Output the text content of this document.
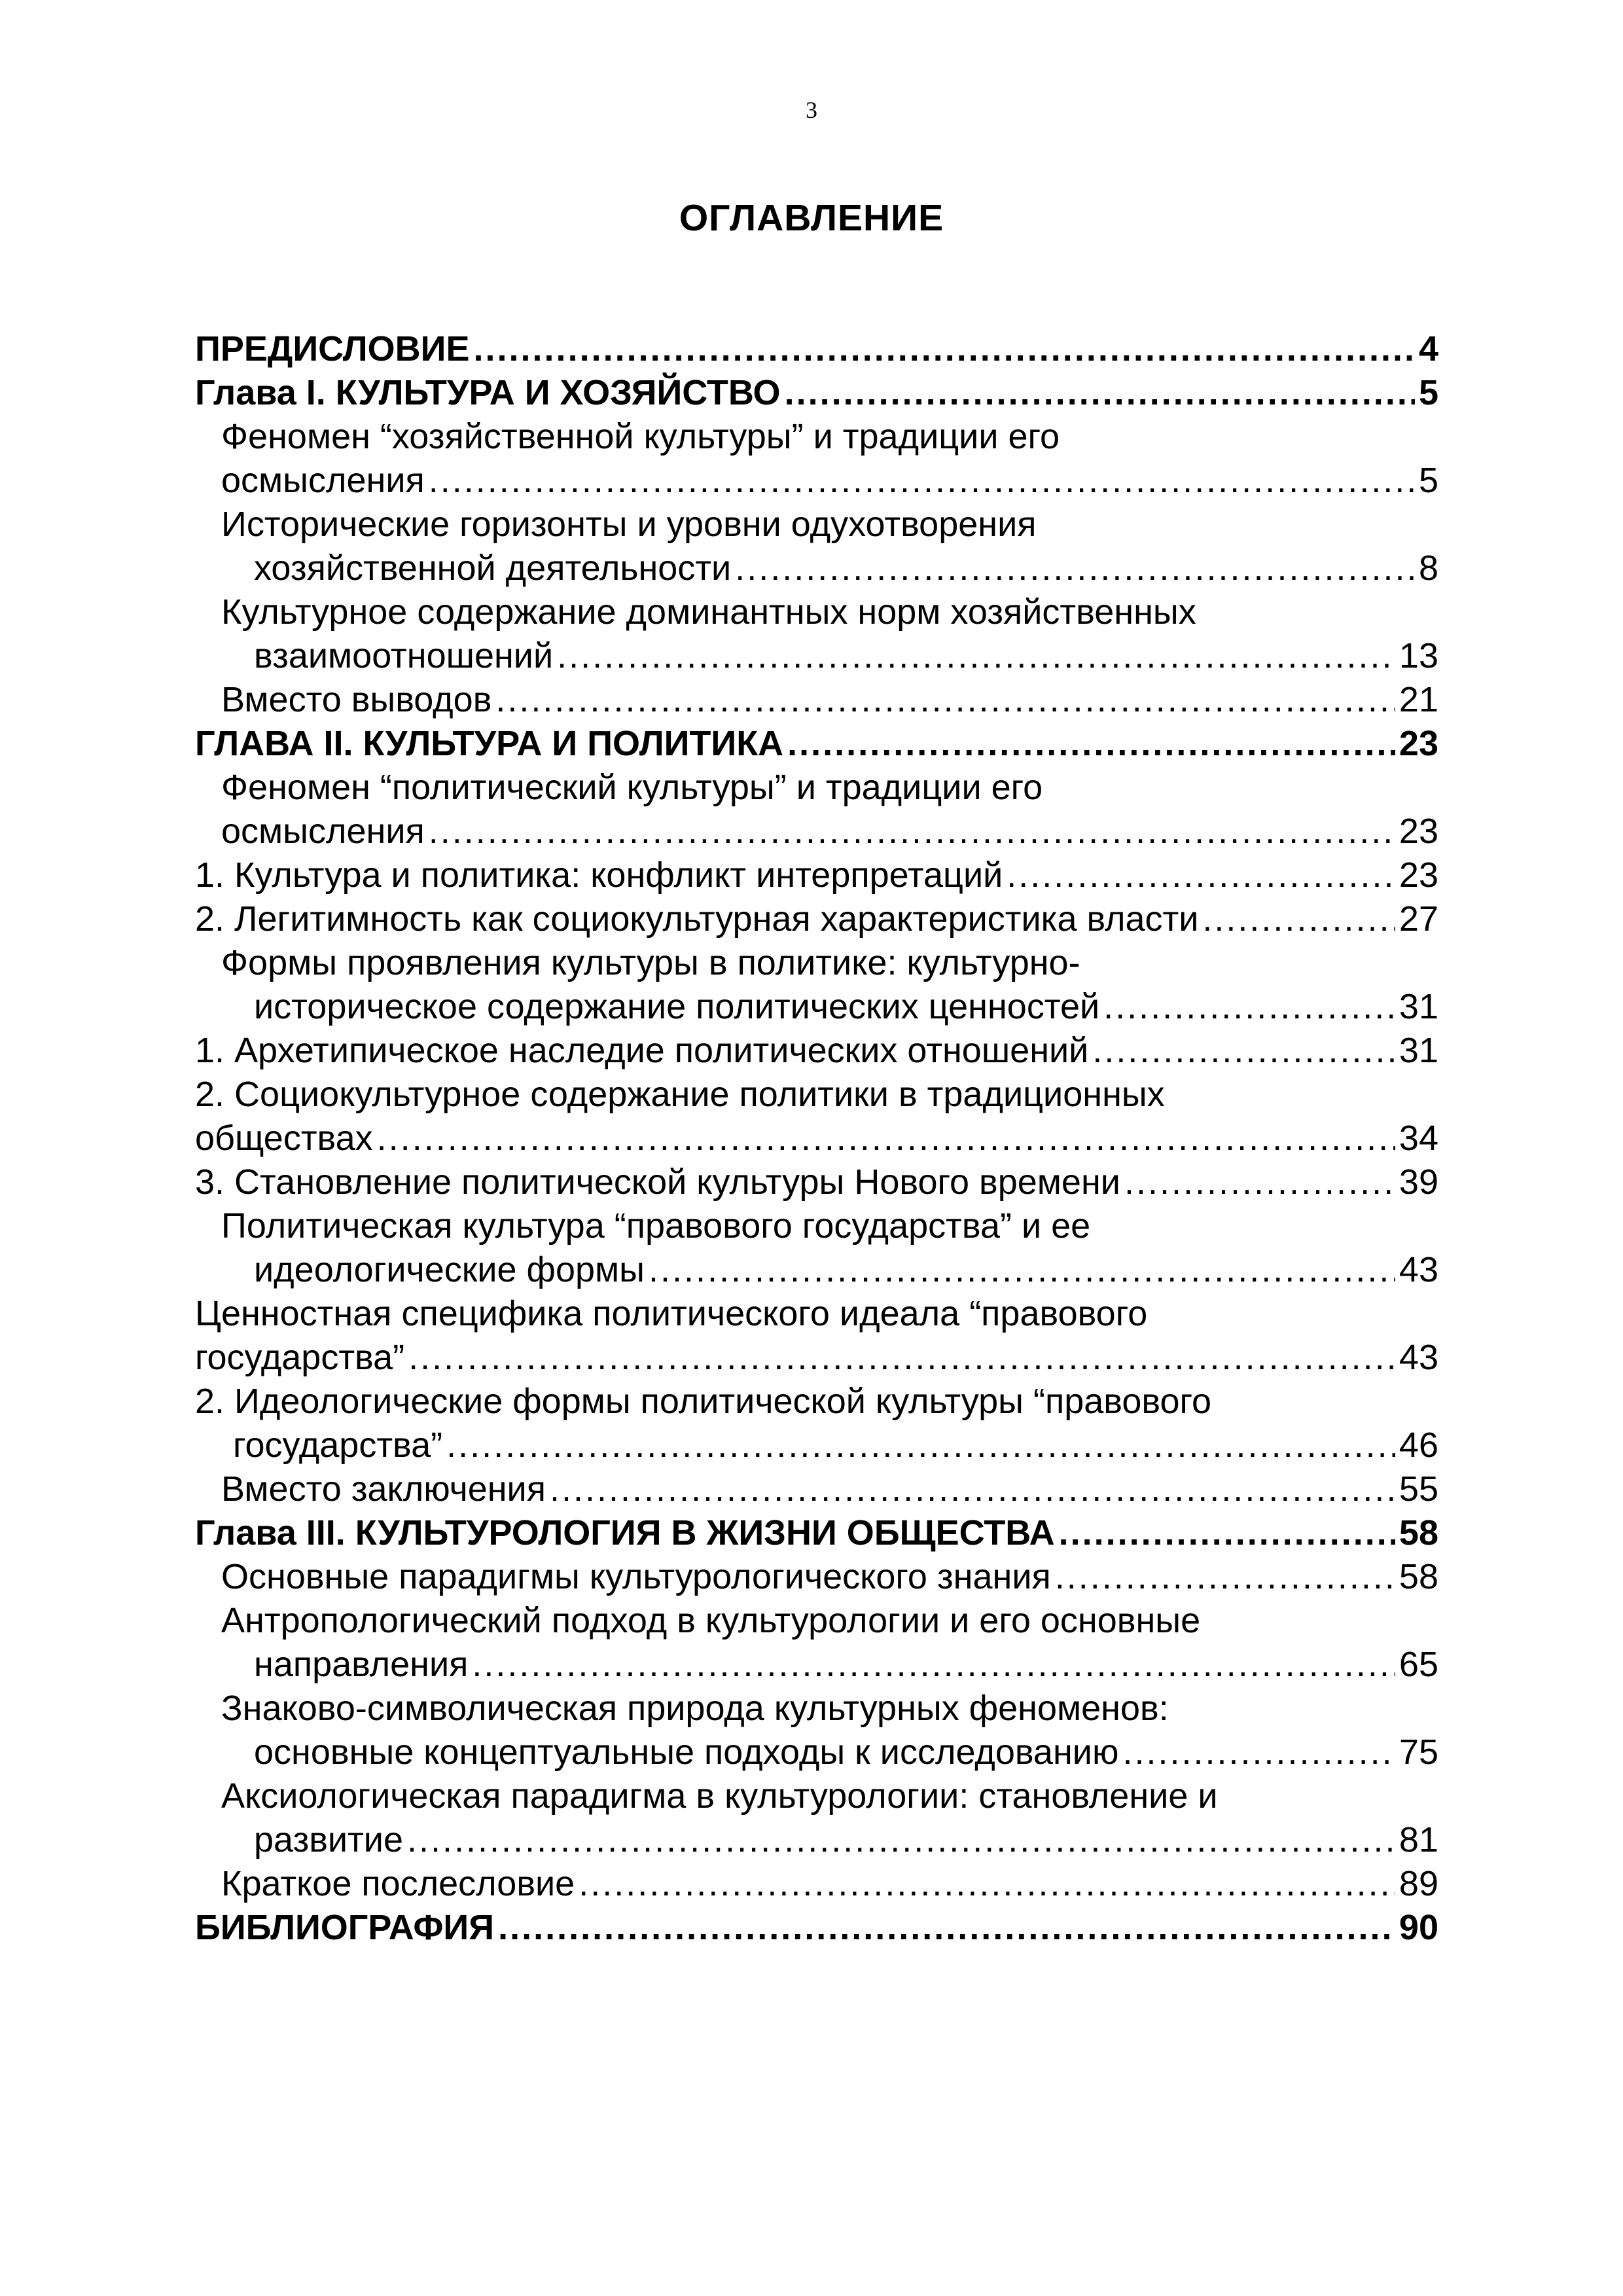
3
ОГЛАВЛЕНИЕ
ПРЕДИСЛОВИЕ . . .	4
Глава I. КУЛЬТУРА И ХОЗЯЙСТВО . . .	5
Феномен “хозяйственной культуры” и традиции его
осмысления . . .	5
Исторические горизонты и уровни одухотворения
хозяйственной деятельности . . .	8
Культурное содержание доминантных норм хозяйственных
взаимоотношений . . .	13
Вместо выводов . . .	21
ГЛАВА II. КУЛЬТУРА И ПОЛИТИКА . . .	23
Феномен “политический культуры” и традиции его
осмысления . . .	23
1. Культура и политика: конфликт интерпретаций . . .	23
2. Легитимность как социокультурная характеристика власти . . .	27
Формы проявления культуры в политике: культурно-
историческое содержание политических ценностей . . .	31
1. Архетипическое наследие политических отношений . . .	31
2. Социокультурное содержание политики в традиционных
обществах . . .	34
3. Становление политической культуры Нового времени . . .	39
Политическая культура “правового государства” и ее
идеологические формы . . .	43
Ценностная специфика политического идеала “правового
государства” . . .	43
2. Идеологические формы политической культуры “правового
государства” . . .	46
Вместо заключения . . .	55
Глава III. КУЛЬТУРОЛОГИЯ В ЖИЗНИ ОБЩЕСТВА . . .	58
Основные парадигмы культурологического знания . . .	58
Антропологический подход в культурологии и его основные
направления . . .	65
Знаково-символическая природа культурных феноменов:
основные концептуальные подходы к исследованию . . .	75
Аксиологическая парадигма в культурологии: становление и
развитие . . .	81
Краткое послесловие . . .	89
БИБЛИОГРАФИЯ . . .	90
